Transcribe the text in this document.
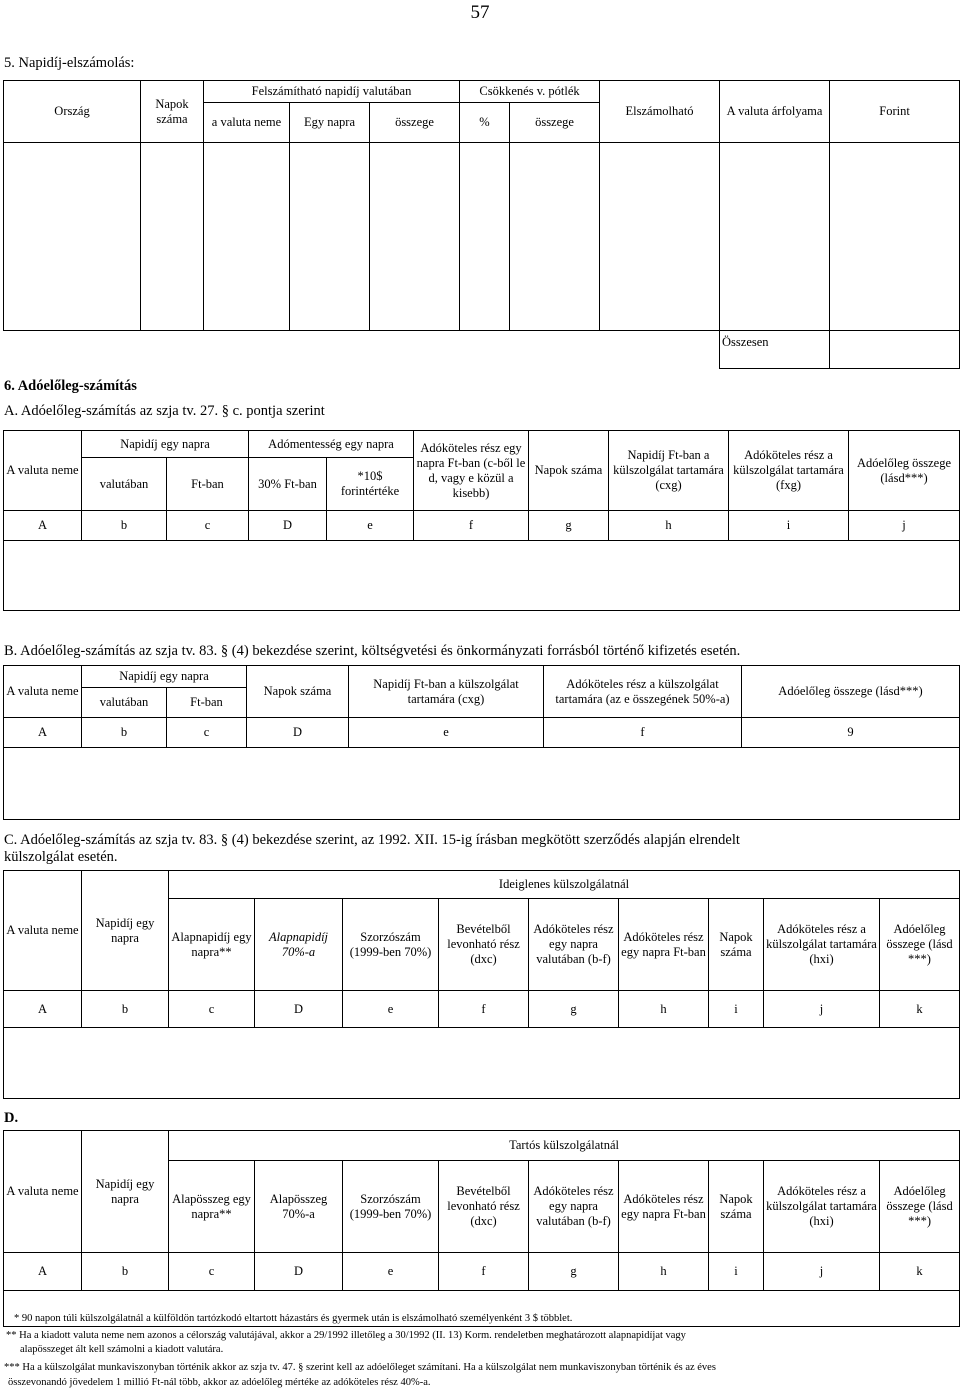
57
5. Napidíj-elszámolás:
Ország	Napok száma	Felszámítható napidíj valutában			Csökkenés v. pótlék		Elszámolható	A valuta árfolyama	Forint
		a valuta neme	Egy napra	összege	%	összege			

								Összesen	
6. Adóelőleg-számítás
A. Adóelőleg-számítás az szja tv. 27. § c. pontja szerint
A valuta neme	Napidíj egy napra		Adómentesség egy napra		Adóköteles rész egy napra Ft-ban (c-ből le d, vagy e közül a kisebb)	Napok száma	Napidíj Ft-ban a külszolgálat tartamára (cxg)	Adóköteles rész a külszolgálat tartamára (fxg)	Adóelőleg összege (lásd***)
	valutában	Ft-ban	30% Ft-ban	*10$ forintértéke					
A	b	c	D	e	f	g	h	i	j

B. Adóelőleg-számítás az szja tv. 83. § (4) bekezdése szerint, költségvetési és önkormányzati forrásból történő kifizetés esetén.
A valuta neme	Napidíj egy napra		Napok száma	Napidíj Ft-ban a külszolgálat tartamára (cxg)	Adóköteles rész a külszolgálat tartamára (az e összegének 50%-a)	Adóelőleg összege (lásd***)
	valutában	Ft-ban				
A	b	c	D	e	f	9

C. Adóelőleg-számítás az szja tv. 83. § (4) bekezdése szerint, az 1992. XII. 15-ig írásban megkötött szerződés alapján elrendelt külszolgálat esetén.
A valuta neme	Napidíj egy napra	Ideiglenes külszolgálatnál								
		Alapnapidíj egy napra**	Alapnapidíj 70%-a	Szorzószám (1999-ben 70%)	Bevételből levonható rész (dxc)	Adóköteles rész egy napra valutában (b-f)	Adóköteles rész egy napra Ft-ban	Napok száma	Adóköteles rész a külszolgálat tartamára (hxi)	Adóelőleg összege (lásd ***)
A	b	c	D	e	f	g	h	i	j	k

D.
A valuta neme	Napidíj egy napra	Tartós külszolgálatnál								
		Alapösszeg egy napra**	Alapösszeg 70%-a	Szorzószám (1999-ben 70%)	Bevételből levonható rész (dxc)	Adóköteles rész egy napra valutában (b-f)	Adóköteles rész egy napra Ft-ban	Napok száma	Adóköteles rész a külszolgálat tartamára (hxi)	Adóelőleg összege (lásd ***)
A	b	c	D	e	f	g	h	i	j	k

* 90 napon túli külszolgálatnál a külföldön tartózkodó eltartott házastárs és gyermek után is elszámolható személyenként 3 $ többlet.
** Ha a kiadott valuta neme nem azonos a célország valutájával, akkor a 29/1992 illetőleg a 30/1992 (II. 13) Korm. rendeletben meghatározott alapnapidíjat vagy
alapösszeget ált kell számolni a kiadott valutára.
*** Ha a külszolgálat munkaviszonyban történik akkor az szja tv. 47. § szerint kell az adóelőleget számítani. Ha a külszolgálat nem munkaviszonyban történik és az éves
összevonandó jövedelem 1 millió Ft-nál több, akkor az adóelőleg mértéke az adóköteles rész 40%-a.
